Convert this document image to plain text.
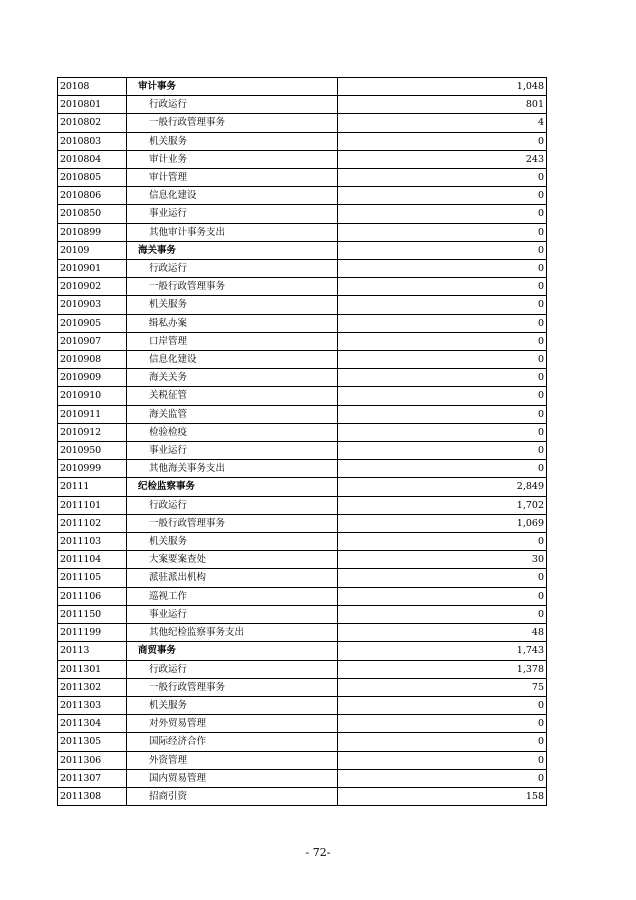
20108	审计事务	1,048
2010801	行政运行	801
2010802	一般行政管理事务	4
2010803	机关服务	0
2010804	审计业务	243
2010805	审计管理	0
2010806	信息化建设	0
2010850	事业运行	0
2010899	其他审计事务支出	0
20109	海关事务	0
2010901	行政运行	0
2010902	一般行政管理事务	0
2010903	机关服务	0
2010905	缉私办案	0
2010907	口岸管理	0
2010908	信息化建设	0
2010909	海关关务	0
2010910	关税征管	0
2010911	海关监管	0
2010912	检验检疫	0
2010950	事业运行	0
2010999	其他海关事务支出	0
20111	纪检监察事务	2,849
2011101	行政运行	1,702
2011102	一般行政管理事务	1,069
2011103	机关服务	0
2011104	大案要案查处	30
2011105	派驻派出机构	0
2011106	巡视工作	0
2011150	事业运行	0
2011199	其他纪检监察事务支出	48
20113	商贸事务	1,743
2011301	行政运行	1,378
2011302	一般行政管理事务	75
2011303	机关服务	0
2011304	对外贸易管理	0
2011305	国际经济合作	0
2011306	外资管理	0
2011307	国内贸易管理	0
2011308	招商引资	158
- 72-
